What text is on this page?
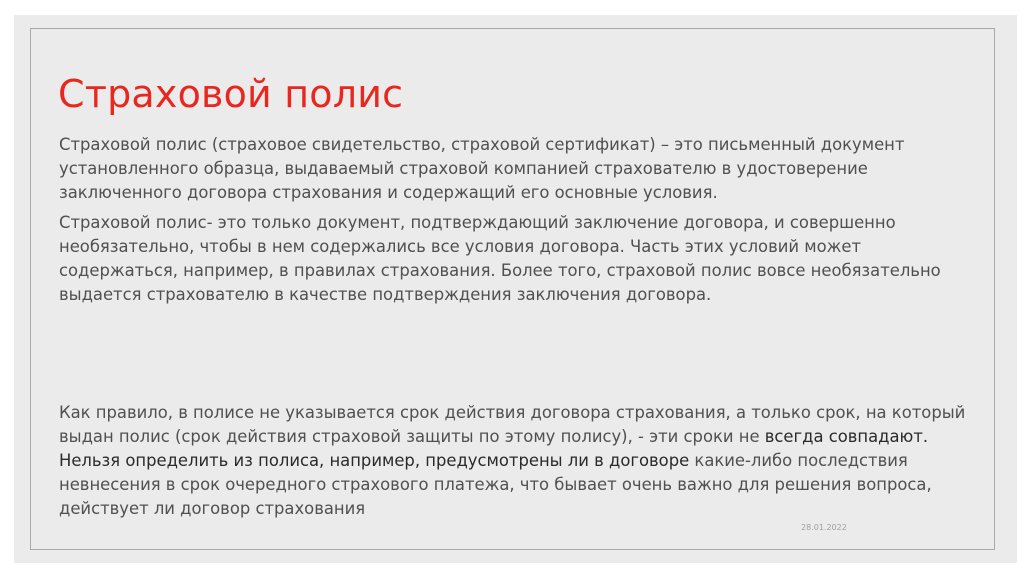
Страховой полис

Страховой полис (страховое свидетельство, страховой сертификат) – это письменный документ установленного образца, выдаваемый страховой компанией страхователю в удостоверение заключенного договора страхования и содержащий его основные условия.

Страховой полис- это только документ, подтверждающий заключение договора, и совершенно необязательно, чтобы в нем содержались все условия договора. Часть этих условий может содержаться, например, в правилах страхования. Более того, страховой полис вовсе необязательно выдается страхователю в качестве подтверждения заключения договора.

Как правило, в полисе не указывается срок действия договора страхования, а только срок, на который выдан полис (срок действия страховой защиты по этому полису), - эти сроки не всегда совпадают. Нельзя определить из полиса, например, предусмотрены ли в договоре какие-либо последствия невнесения в срок очередного страхового платежа, что бывает очень важно для решения вопроса, действует ли договор страхования

28.01.2022
